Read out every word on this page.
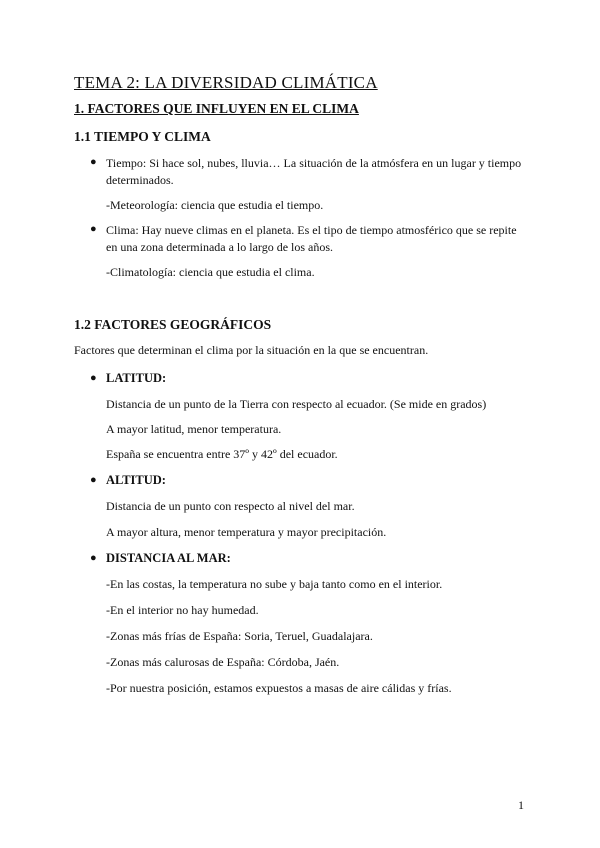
TEMA 2: LA DIVERSIDAD CLIMÁTICA
1. FACTORES QUE INFLUYEN EN EL CLIMA
1.1 TIEMPO Y CLIMA
● Tiempo: Si hace sol, nubes, lluvia… La situación de la atmósfera en un lugar y tiempo
determinados.
-Meteorología: ciencia que estudia el tiempo.
● Clima: Hay nueve climas en el planeta. Es el tipo de tiempo atmosférico que se repite
en una zona determinada a lo largo de los años.
-Climatología: ciencia que estudia el clima.
1.2 FACTORES GEOGRÁFICOS
Factores que determinan el clima por la situación en la que se encuentran.
● LATITUD:
Distancia de un punto de la Tierra con respecto al ecuador. (Se mide en grados)
A mayor latitud, menor temperatura.
España se encuentra entre 37º y 42º del ecuador.
● ALTITUD:
Distancia de un punto con respecto al nivel del mar.
A mayor altura, menor temperatura y mayor precipitación.
● DISTANCIA AL MAR:
-En las costas, la temperatura no sube y baja tanto como en el interior.
-En el interior no hay humedad.
-Zonas más frías de España: Soria, Teruel, Guadalajara.
-Zonas más calurosas de España: Córdoba, Jaén.
-Por nuestra posición, estamos expuestos a masas de aire cálidas y frías.
1
